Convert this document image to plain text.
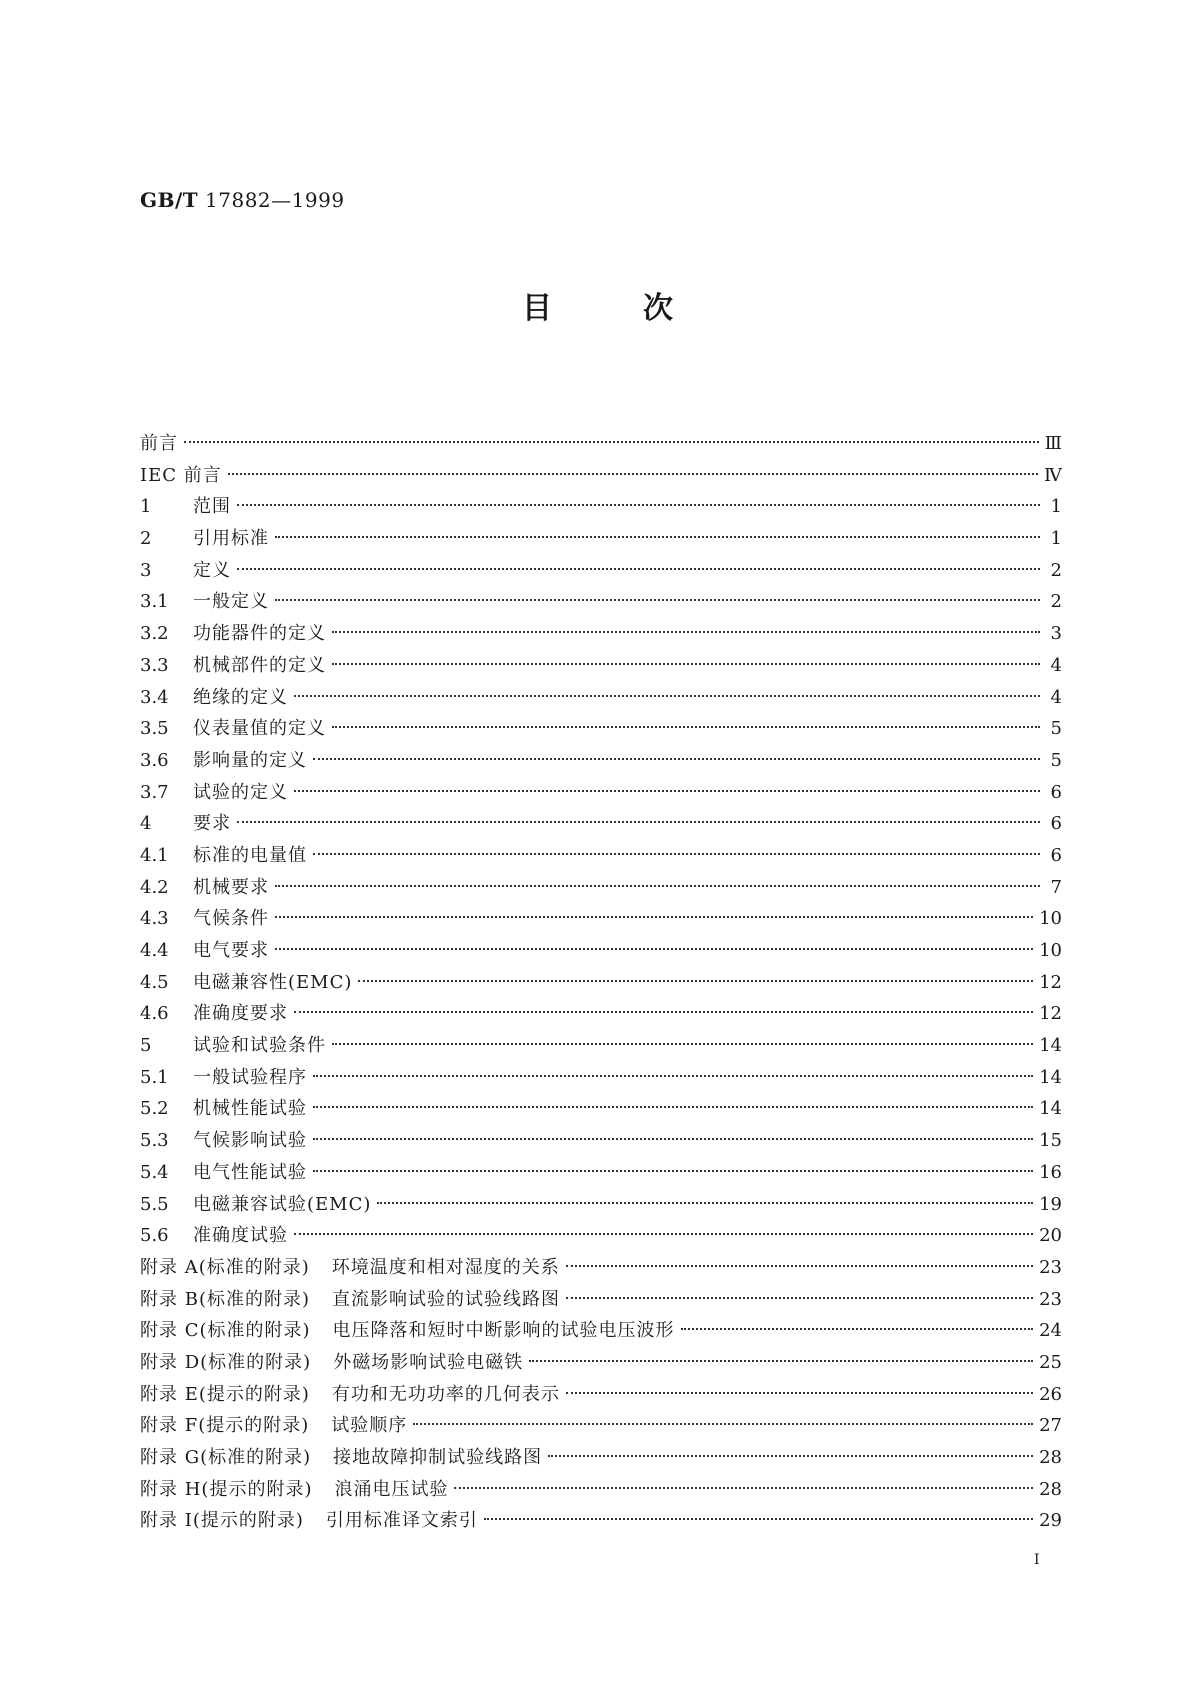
GB/T 17882—1999
目	次
前言	Ⅲ
IEC 前言	Ⅳ
1	范围	1
2	引用标准	1
3	定义	2
3.1	一般定义	2
3.2	功能器件的定义	3
3.3	机械部件的定义	4
3.4	绝缘的定义	4
3.5	仪表量值的定义	5
3.6	影响量的定义	5
3.7	试验的定义	6
4	要求	6
4.1	标准的电量值	6
4.2	机械要求	7
4.3	气候条件	10
4.4	电气要求	10
4.5	电磁兼容性(EMC)	12
4.6	准确度要求	12
5	试验和试验条件	14
5.1	一般试验程序	14
5.2	机械性能试验	14
5.3	气候影响试验	15
5.4	电气性能试验	16
5.5	电磁兼容试验(EMC)	19
5.6	准确度试验	20
附录 A(标准的附录) 环境温度和相对湿度的关系	23
附录 B(标准的附录) 直流影响试验的试验线路图	23
附录 C(标准的附录) 电压降落和短时中断影响的试验电压波形	24
附录 D(标准的附录) 外磁场影响试验电磁铁	25
附录 E(提示的附录) 有功和无功功率的几何表示	26
附录 F(提示的附录) 试验顺序	27
附录 G(标准的附录) 接地故障抑制试验线路图	28
附录 H(提示的附录) 浪涌电压试验	28
附录 I(提示的附录) 引用标准译文索引	29
I
